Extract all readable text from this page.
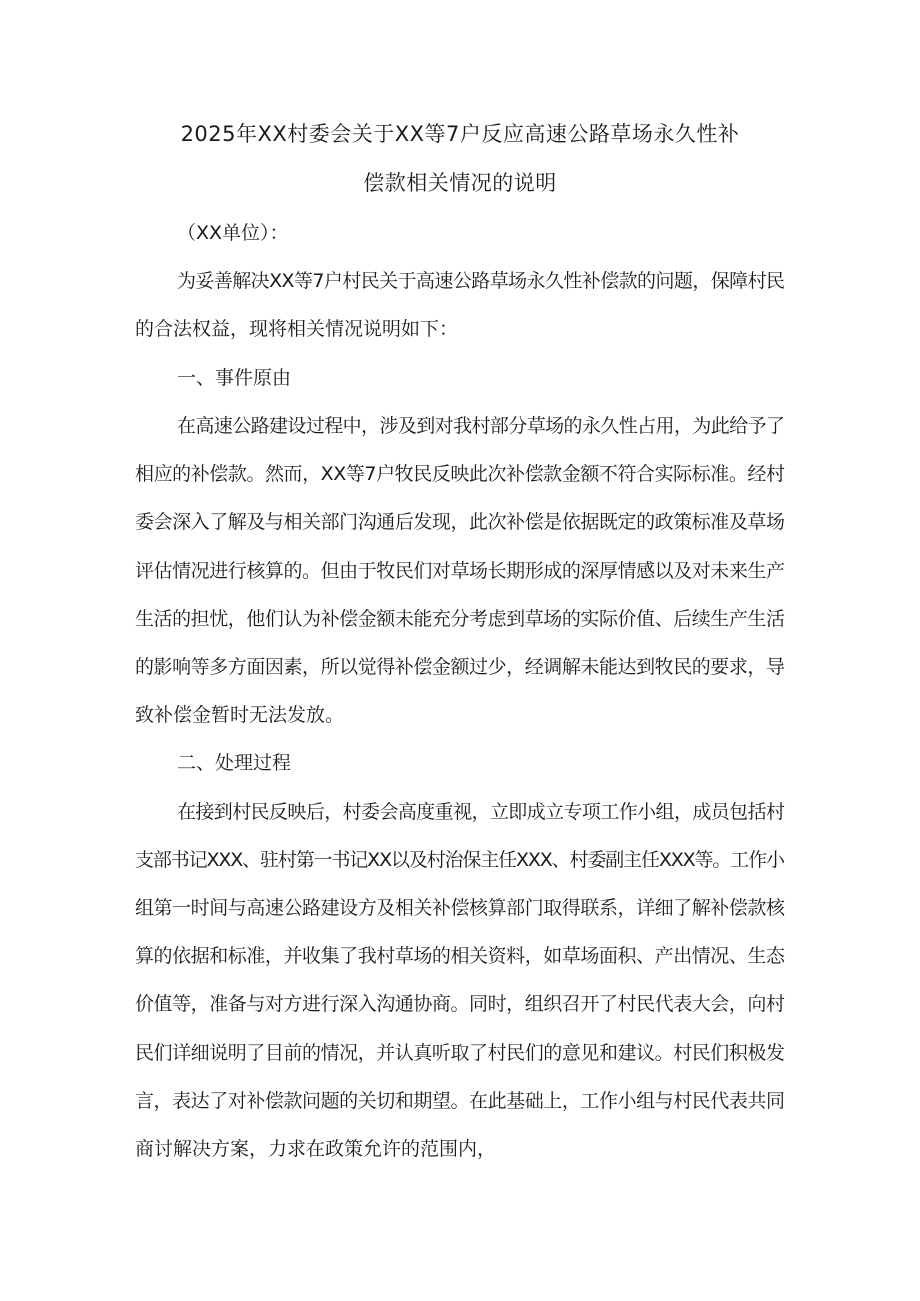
2025年XX村委会关于XX等7户反应高速公路草场永久性补
偿款相关情况的说明
（XX单位）：
为妥善解决XX等7户村民关于高速公路草场永久性补偿款的问题，保障村民
的合法权益，现将相关情况说明如下：
一、事件原由
在高速公路建设过程中，涉及到对我村部分草场的永久性占用，为此给予了
相应的补偿款。然而，XX等7户牧民反映此次补偿款金额不符合实际标准。经村
委会深入了解及与相关部门沟通后发现，此次补偿是依据既定的政策标准及草场
评估情况进行核算的。但由于牧民们对草场长期形成的深厚情感以及对未来生产
生活的担忧，他们认为补偿金额未能充分考虑到草场的实际价值、后续生产生活
的影响等多方面因素，所以觉得补偿金额过少，经调解未能达到牧民的要求，导
致补偿金暂时无法发放。
二、处理过程
在接到村民反映后，村委会高度重视，立即成立专项工作小组，成员包括村
支部书记XXX、驻村第一书记XX以及村治保主任XXX、村委副主任XXX等。工作小
组第一时间与高速公路建设方及相关补偿核算部门取得联系，详细了解补偿款核
算的依据和标准，并收集了我村草场的相关资料，如草场面积、产出情况、生态
价值等，准备与对方进行深入沟通协商。同时，组织召开了村民代表大会，向村
民们详细说明了目前的情况，并认真听取了村民们的意见和建议。村民们积极发
言，表达了对补偿款问题的关切和期望。在此基础上，工作小组与村民代表共同
商讨解决方案，力求在政策允许的范围内，
